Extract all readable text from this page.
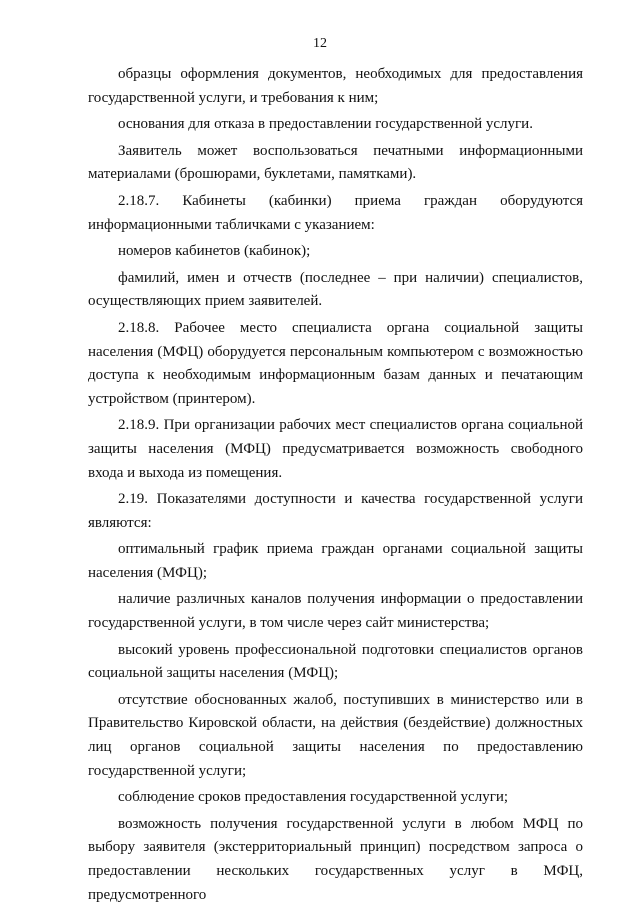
12

образцы оформления документов, необходимых для предоставления государственной услуги, и требования к ним;

основания для отказа в предоставлении государственной услуги.

Заявитель может воспользоваться печатными информационными материалами (брошюрами, буклетами, памятками).

2.18.7. Кабинеты (кабинки) приема граждан оборудуются информационными табличками с указанием:

номеров кабинетов (кабинок);

фамилий, имен и отчеств (последнее – при наличии) специалистов, осуществляющих прием заявителей.

2.18.8. Рабочее место специалиста органа социальной защиты населения (МФЦ) оборудуется персональным компьютером с возможностью доступа к необходимым информационным базам данных и печатающим устройством (принтером).

2.18.9. При организации рабочих мест специалистов органа социальной защиты населения (МФЦ) предусматривается возможность свободного входа и выхода из помещения.

2.19. Показателями доступности и качества государственной услуги являются:

оптимальный график приема граждан органами социальной защиты населения (МФЦ);

наличие различных каналов получения информации о предоставлении государственной услуги, в том числе через сайт министерства;

высокий уровень профессиональной подготовки специалистов органов социальной защиты населения (МФЦ);

отсутствие обоснованных жалоб, поступивших в министерство или в Правительство Кировской области, на действия (бездействие) должностных лиц органов социальной защиты населения по предоставлению государственной услуги;

соблюдение сроков предоставления государственной услуги;

возможность получения государственной услуги в любом МФЦ по выбору заявителя (экстерриториальный принцип) посредством запроса о предоставлении нескольких государственных услуг в МФЦ, предусмотренного
